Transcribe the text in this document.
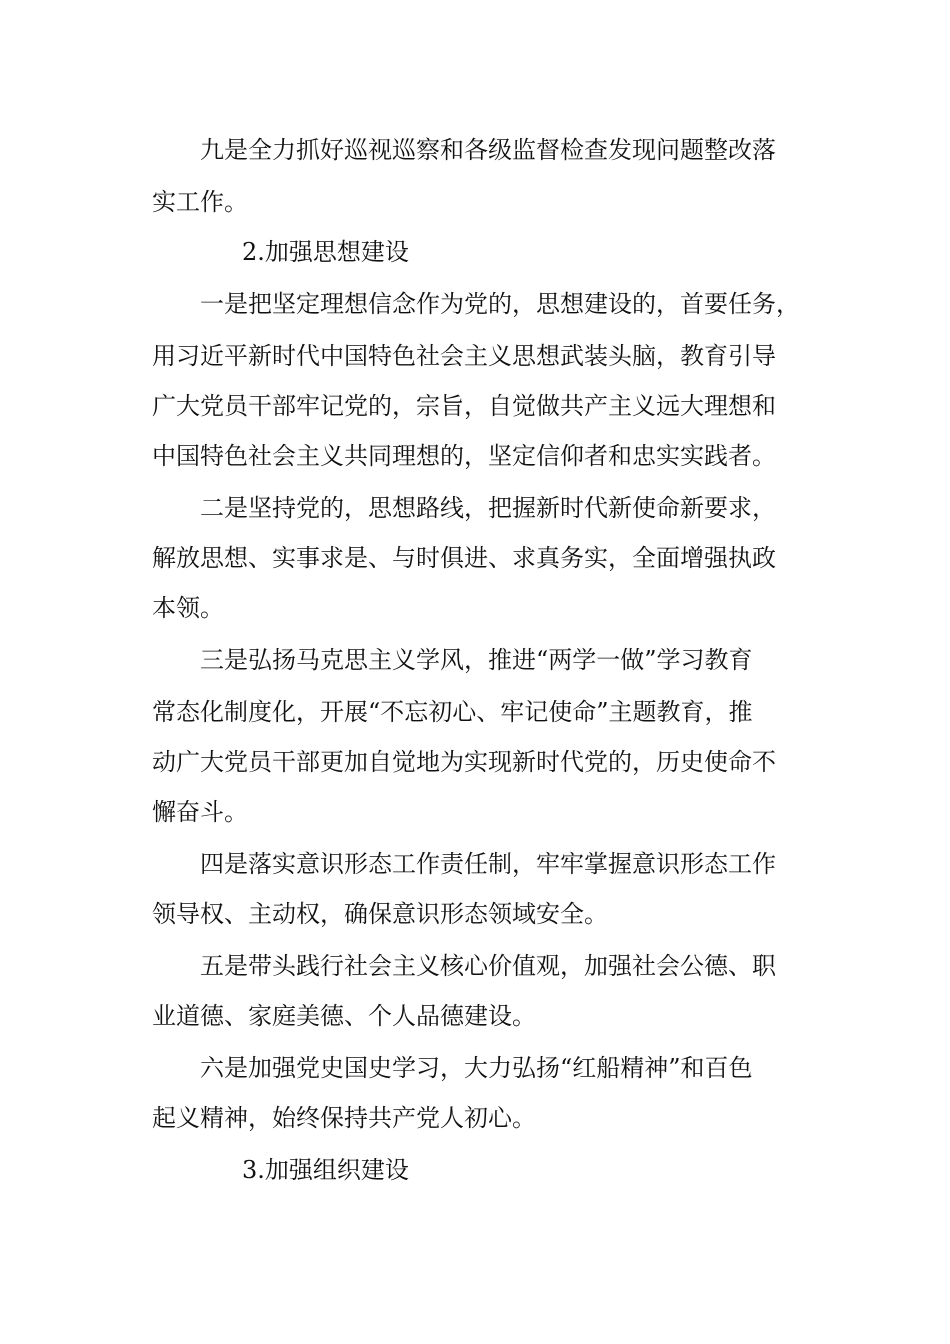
九是全力抓好巡视巡察和各级监督检查发现问题整改落
实工作。
2.加强思想建设
一是把坚定理想信念作为党的，思想建设的，首要任务，
用习近平新时代中国特色社会主义思想武装头脑，教育引导
广大党员干部牢记党的，宗旨，自觉做共产主义远大理想和
中国特色社会主义共同理想的，坚定信仰者和忠实实践者。
二是坚持党的，思想路线，把握新时代新使命新要求，
解放思想、实事求是、与时俱进、求真务实，全面增强执政
本领。
三是弘扬马克思主义学风，推进“两学一做”学习教育
常态化制度化，开展“不忘初心、牢记使命”主题教育，推
动广大党员干部更加自觉地为实现新时代党的，历史使命不
懈奋斗。
四是落实意识形态工作责任制，牢牢掌握意识形态工作
领导权、主动权，确保意识形态领域安全。
五是带头践行社会主义核心价值观，加强社会公德、职
业道德、家庭美德、个人品德建设。
六是加强党史国史学习，大力弘扬“红船精神”和百色
起义精神，始终保持共产党人初心。
3.加强组织建设
